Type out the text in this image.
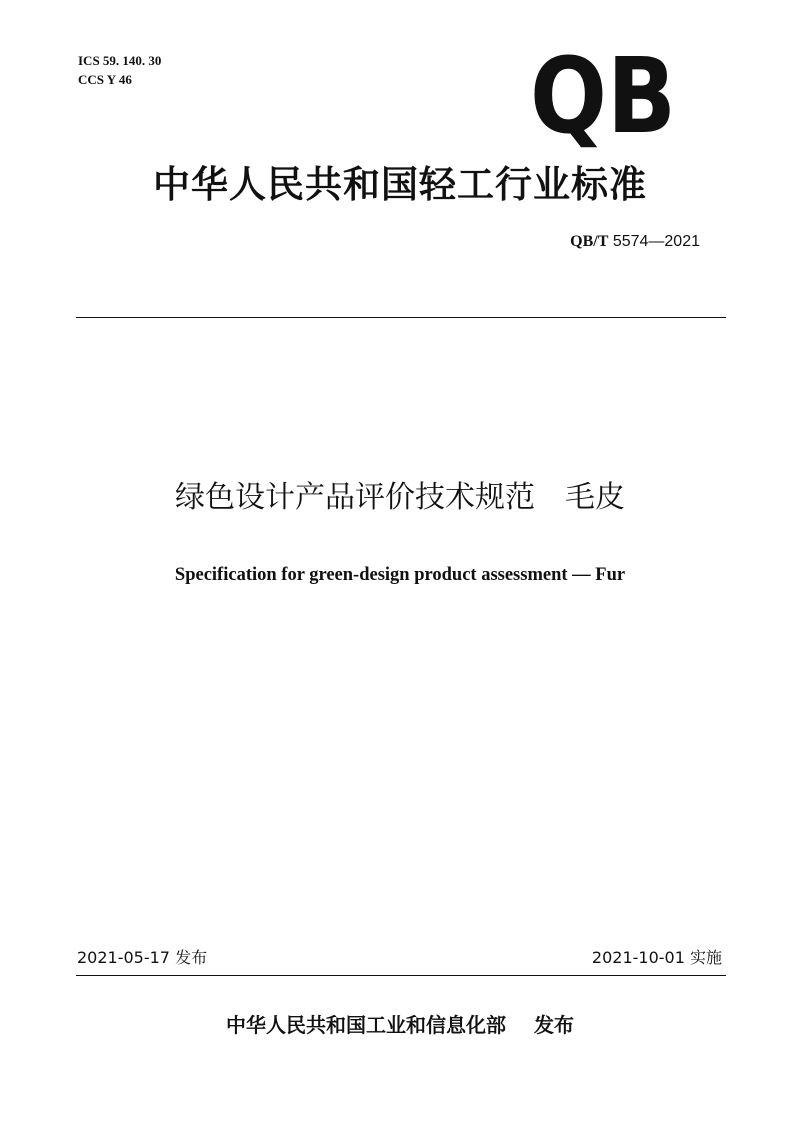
ICS 59. 140. 30
CCS Y 46	QB
中华人民共和国轻工行业标准
QB/T 5574—2021
绿色设计产品评价技术规范　毛皮
Specification for green-design product assessment — Fur
2021-05-17 发布	2021-10-01 实施
中华人民共和国工业和信息化部 发布
